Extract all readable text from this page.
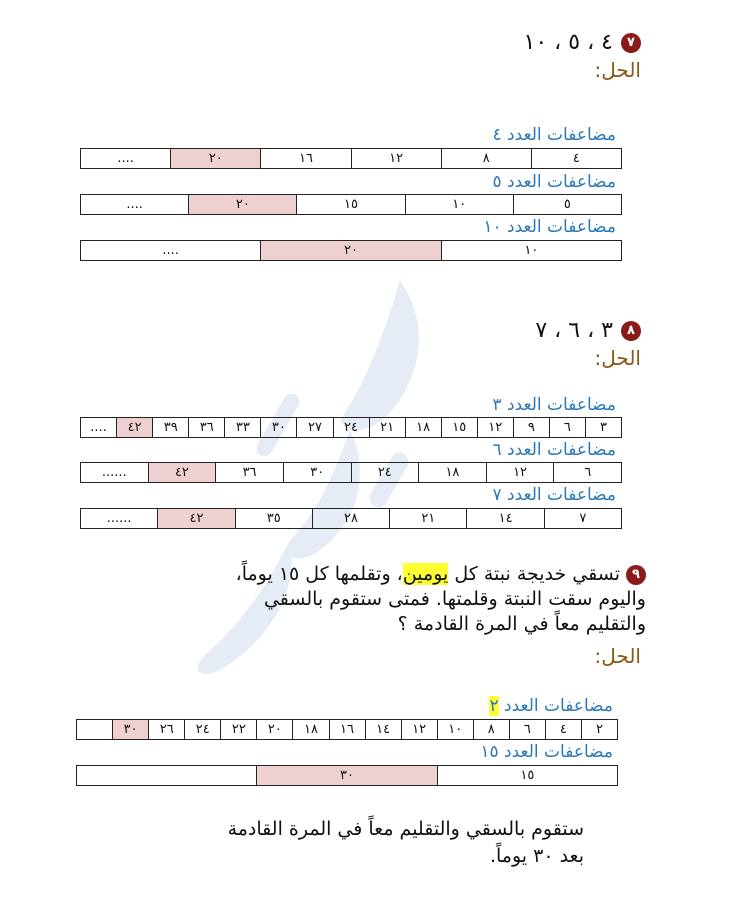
٧
٤ ، ٥ ، ١٠
الحل:
مضاعفات العدد ٤
٤	٨	١٢	١٦	٢٠	....
مضاعفات العدد ٥
٥	١٠	١٥	٢٠	....
مضاعفات العدد ١٠
١٠	٢٠	....
٨
٣ ، ٦ ، ٧
الحل:
مضاعفات العدد ٣
٣	٦	٩	١٢	١٥	١٨	٢١	٢٤	٢٧	٣٠	٣٣	٣٦	٣٩	٤٢	....
مضاعفات العدد ٦
٦	١٢	١٨	٢٤	٣٠	٣٦	٤٢	......
مضاعفات العدد ٧
٧	١٤	٢١	٢٨	٣٥	٤٢	......
٩
تسقي خديجة نبتة كل يومين، وتقلمها كل ١٥ يوماً،
واليوم سقت النبتة وقلمتها. فمتى ستقوم بالسقي
والتقليم معاً في المرة القادمة ؟
الحل:
مضاعفات العدد ٢
٢	٤	٦	٨	١٠	١٢	١٤	١٦	١٨	٢٠	٢٢	٢٤	٢٦	٣٠	
مضاعفات العدد ١٥
١٥	٣٠	
ستقوم بالسقي والتقليم معاً في المرة القادمة
بعد ٣٠ يوماً.
